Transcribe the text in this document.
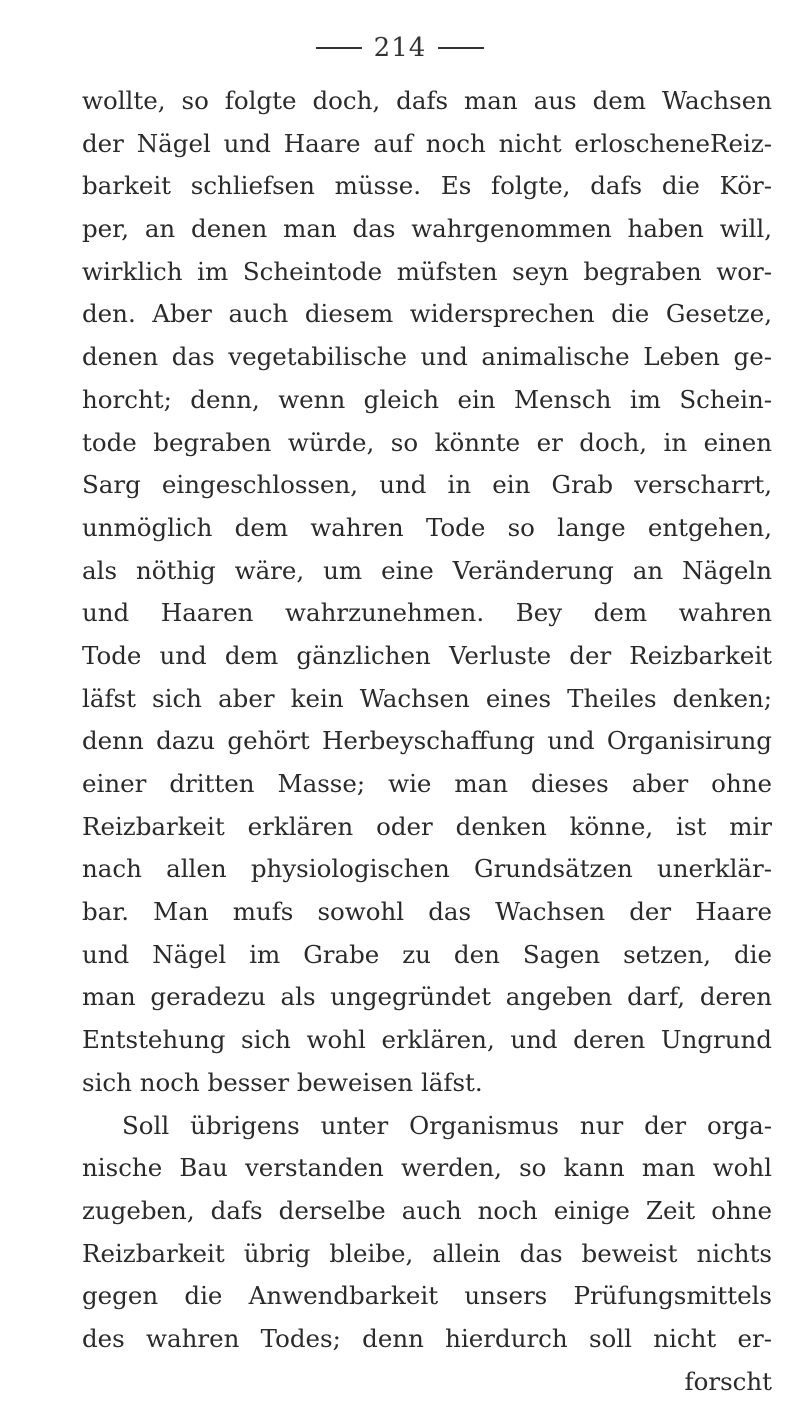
214
wollte, so folgte doch, dafs man aus dem Wachsen
der Nägel und Haare auf noch nicht erloscheneReiz-
barkeit schliefsen müsse. Es folgte, dafs die Kör-
per, an denen man das wahrgenommen haben will,
wirklich im Scheintode müfsten seyn begraben wor-
den. Aber auch diesem widersprechen die Gesetze,
denen das vegetabilische und animalische Leben ge-
horcht; denn, wenn gleich ein Mensch im Schein-
tode begraben würde, so könnte er doch, in einen
Sarg eingeschlossen, und in ein Grab verscharrt,
unmöglich dem wahren Tode so lange entgehen,
als nöthig wäre, um eine Veränderung an Nägeln
und Haaren wahrzunehmen. Bey dem wahren
Tode und dem gänzlichen Verluste der Reizbarkeit
läfst sich aber kein Wachsen eines Theiles denken;
denn dazu gehört Herbeyschaffung und Organisirung
einer dritten Masse; wie man dieses aber ohne
Reizbarkeit erklären oder denken könne, ist mir
nach allen physiologischen Grundsätzen unerklär-
bar. Man mufs sowohl das Wachsen der Haare
und Nägel im Grabe zu den Sagen setzen, die
man geradezu als ungegründet angeben darf, deren
Entstehung sich wohl erklären, und deren Ungrund
sich noch besser beweisen läfst.
Soll übrigens unter Organismus nur der orga-
nische Bau verstanden werden, so kann man wohl
zugeben, dafs derselbe auch noch einige Zeit ohne
Reizbarkeit übrig bleibe, allein das beweist nichts
gegen die Anwendbarkeit unsers Prüfungsmittels
des wahren Todes; denn hierdurch soll nicht er-
forscht
